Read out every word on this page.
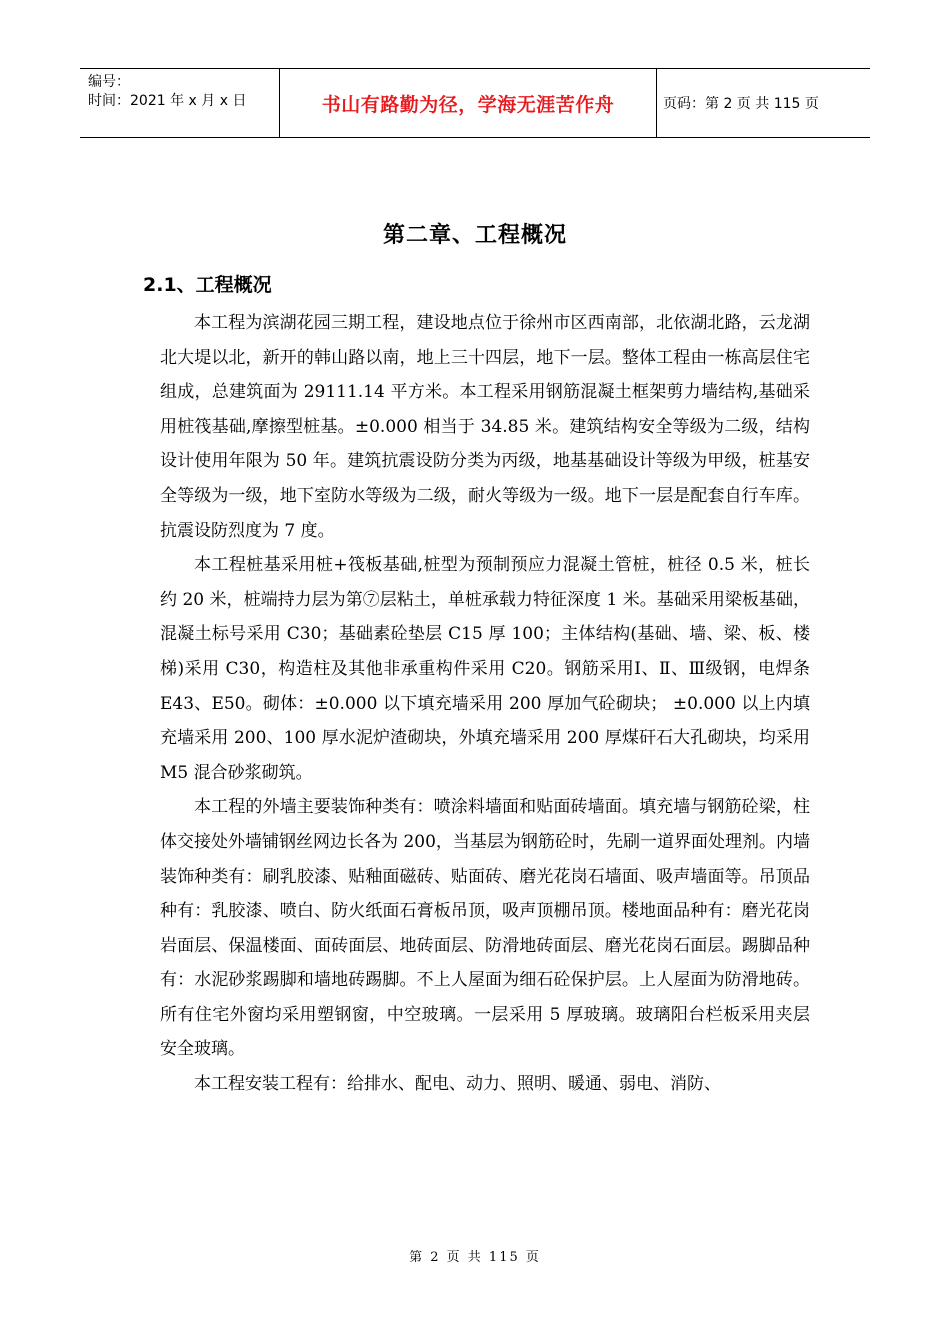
编号：
时间：2021 年 x 月 x 日	书山有路勤为径，学海无涯苦作舟	页码：第 2 页 共 115 页
第二章、工程概况
2.1、工程概况

本工程为滨湖花园三期工程，建设地点位于徐州市区西南部，北依湖北路，云龙湖北大堤以北，新开的韩山路以南，地上三十四层，地下一层。整体工程由一栋高层住宅组成，总建筑面为 29111.14 平方米。本工程采用钢筋混凝土框架剪力墙结构,基础采用桩筏基础,摩擦型桩基。±0.000 相当于 34.85 米。建筑结构安全等级为二级，结构设计使用年限为 50 年。建筑抗震设防分类为丙级，地基基础设计等级为甲级，桩基安全等级为一级，地下室防水等级为二级，耐火等级为一级。地下一层是配套自行车库。抗震设防烈度为 7 度。

本工程桩基采用桩+筏板基础,桩型为预制预应力混凝土管桩，桩径 0.5 米，桩长约 20 米，桩端持力层为第⑦层粘土，单桩承载力特征深度 1 米。基础采用梁板基础，混凝土标号采用 C30；基础素砼垫层 C15 厚 100；主体结构(基础、墙、梁、板、楼梯)采用 C30，构造柱及其他非承重构件采用 C20。钢筋采用Ⅰ、Ⅱ、Ⅲ级钢，电焊条 E43、E50。砌体：±0.000 以下填充墙采用 200 厚加气砼砌块； ±0.000 以上内填充墙采用 200、100 厚水泥炉渣砌块，外填充墙采用 200 厚煤矸石大孔砌块，均采用 M5 混合砂浆砌筑。

本工程的外墙主要装饰种类有：喷涂料墙面和贴面砖墙面。填充墙与钢筋砼梁，柱体交接处外墙铺钢丝网边长各为 200，当基层为钢筋砼时，先刷一道界面处理剂。内墙装饰种类有：刷乳胶漆、贴釉面磁砖、贴面砖、磨光花岗石墙面、吸声墙面等。吊顶品种有：乳胶漆、喷白、防火纸面石膏板吊顶，吸声顶棚吊顶。楼地面品种有：磨光花岗岩面层、保温楼面、面砖面层、地砖面层、防滑地砖面层、磨光花岗石面层。踢脚品种有：水泥砂浆踢脚和墙地砖踢脚。不上人屋面为细石砼保护层。上人屋面为防滑地砖。所有住宅外窗均采用塑钢窗，中空玻璃。一层采用 5 厚玻璃。玻璃阳台栏板采用夹层安全玻璃。

本工程安装工程有：给排水、配电、动力、照明、暖通、弱电、消防、

第 2 页 共 115 页
